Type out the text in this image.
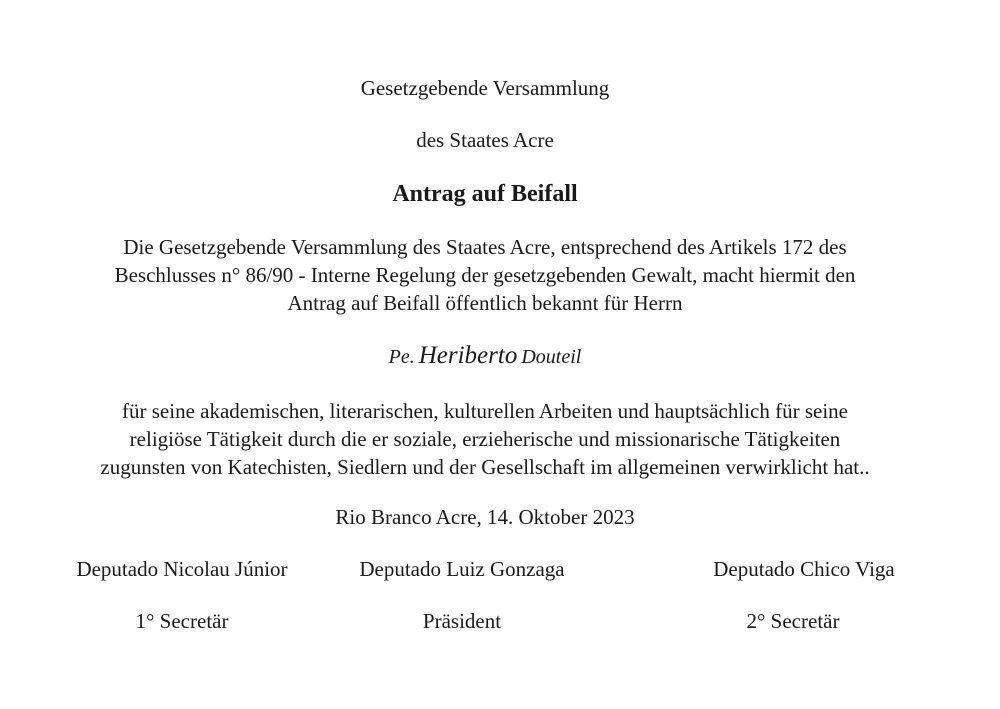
Gesetzgebende Versammlung
des Staates Acre
Antrag auf Beifall
Die Gesetzgebende Versammlung des Staates Acre, entsprechend des Artikels 172 des
Beschlusses n° 86/90 - Interne Regelung der gesetzgebenden Gewalt, macht hiermit den
Antrag auf Beifall öffentlich bekannt für Herrn
Pe. Heriberto Douteil
für seine akademischen, literarischen, kulturellen Arbeiten und hauptsächlich für seine
religiöse Tätigkeit durch die er soziale, erzieherische und missionarische Tätigkeiten
zugunsten von Katechisten, Siedlern und der Gesellschaft im allgemeinen verwirklicht hat..
Rio Branco Acre, 14. Oktober 2023
Deputado Nicolau Júnior	Deputado Luiz Gonzaga	Deputado Chico Viga
1° Secretär	Präsident	2° Secretär
